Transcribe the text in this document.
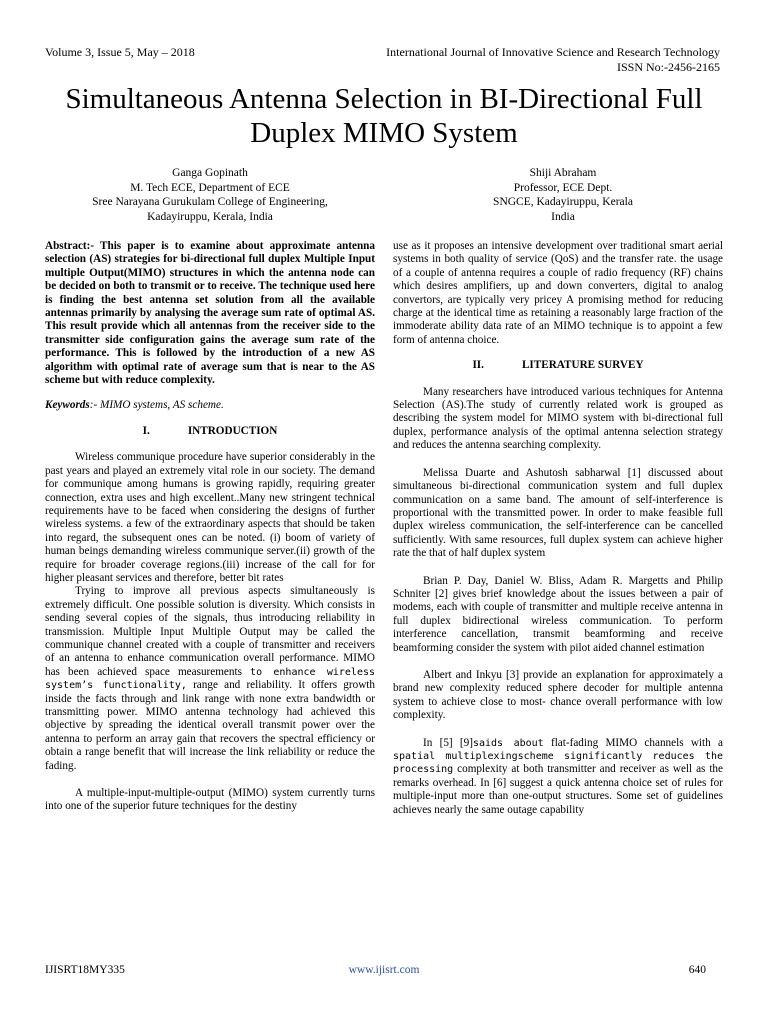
Volume 3, Issue 5, May – 2018	International Journal of Innovative Science and Research Technology
ISSN No:-2456-2165
Simultaneous Antenna Selection in BI-Directional Full Duplex MIMO System
Ganga Gopinath
M. Tech ECE, Department of ECE
Sree Narayana Gurukulam College of Engineering,
Kadayiruppu, Kerala, India
Shiji Abraham
Professor, ECE Dept.
SNGCE, Kadayiruppu, Kerala
India

Abstract:- This paper is to examine about approximate antenna selection (AS) strategies for bi-directional full duplex Multiple Input multiple Output(MIMO) structures in which the antenna node can be decided on both to transmit or to receive. The technique used here is finding the best antenna set solution from all the available antennas primarily by analysing the average sum rate of optimal AS. This result provide which all antennas from the receiver side to the transmitter side configuration gains the average sum rate of the performance. This is followed by the introduction of a new AS algorithm with optimal rate of average sum that is near to the AS scheme but with reduce complexity.

Keywords:- MIMO systems, AS scheme.

I.	INTRODUCTION

Wireless communique procedure have superior considerably in the past years and played an extremely vital role in our society. The demand for communique among humans is growing rapidly, requiring greater connection, extra uses and high excellent..Many new stringent technical requirements have to be faced when considering the designs of further wireless systems. a few of the extraordinary aspects that should be taken into regard, the subsequent ones can be noted. (i) boom of variety of human beings demanding wireless communique server.(ii) growth of the require for broader coverage regions.(iii) increase of the call for for higher pleasant services and therefore, better bit rates

Trying to improve all previous aspects simultaneously is extremely difficult. One possible solution is diversity. Which consists in sending several copies of the signals, thus introducing reliability in transmission. Multiple Input Multiple Output may be called the communique channel created with a couple of transmitter and receivers of an antenna to enhance communication overall performance. MIMO has been achieved space measurements to enhance wireless system’s functionality, range and reliability. It offers growth inside the facts through and link range with none extra bandwidth or transmitting power. MIMO antenna technology had achieved this objective by spreading the identical overall transmit power over the antenna to perform an array gain that recovers the spectral efficiency or obtain a range benefit that will increase the link reliability or reduce the fading.

A multiple-input-multiple-output (MIMO) system currently turns into one of the superior future techniques for the destiny

use as it proposes an intensive development over traditional smart aerial systems in both quality of service (QoS) and the transfer rate. the usage of a couple of antenna requires a couple of radio frequency (RF) chains which desires amplifiers, up and down converters, digital to analog convertors, are typically very pricey A promising method for reducing charge at the identical time as retaining a reasonably large fraction of the immoderate ability data rate of an MIMO technique is to appoint a few form of antenna choice.

II.	LITERATURE SURVEY

Many researchers have introduced various techniques for Antenna Selection (AS).The study of currently related work is grouped as describing the system model for MIMO system with bi-directional full duplex, performance analysis of the optimal antenna selection strategy and reduces the antenna searching complexity.

Melissa Duarte and Ashutosh sabharwal [1] discussed about simultaneous bi-directional communication system and full duplex communication on a same band. The amount of self-interference is proportional with the transmitted power. In order to make feasible full duplex wireless communication, the self-interference can be cancelled sufficiently. With same resources, full duplex system can achieve higher rate the that of half duplex system

Brian P. Day, Daniel W. Bliss, Adam R. Margetts and Philip Schniter [2] gives brief knowledge about the issues between a pair of modems, each with couple of transmitter and multiple receive antenna in full duplex bidirectional wireless communication. To perform interference cancellation, transmit beamforming and receive beamforming consider the system with pilot aided channel estimation

Albert and Inkyu [3] provide an explanation for approximately a brand new complexity reduced sphere decoder for multiple antenna system to achieve close to most- chance overall performance with low complexity.

In [5] [9]saids about flat-fading MIMO channels with a spatial multiplexingscheme significantly reduces the processing complexity at both transmitter and receiver as well as the remarks overhead. In [6] suggest a quick antenna choice set of rules for multiple-input more than one-output structures. Some set of guidelines achieves nearly the same outage capability

IJISRT18MY335	www.ijisrt.com	640
